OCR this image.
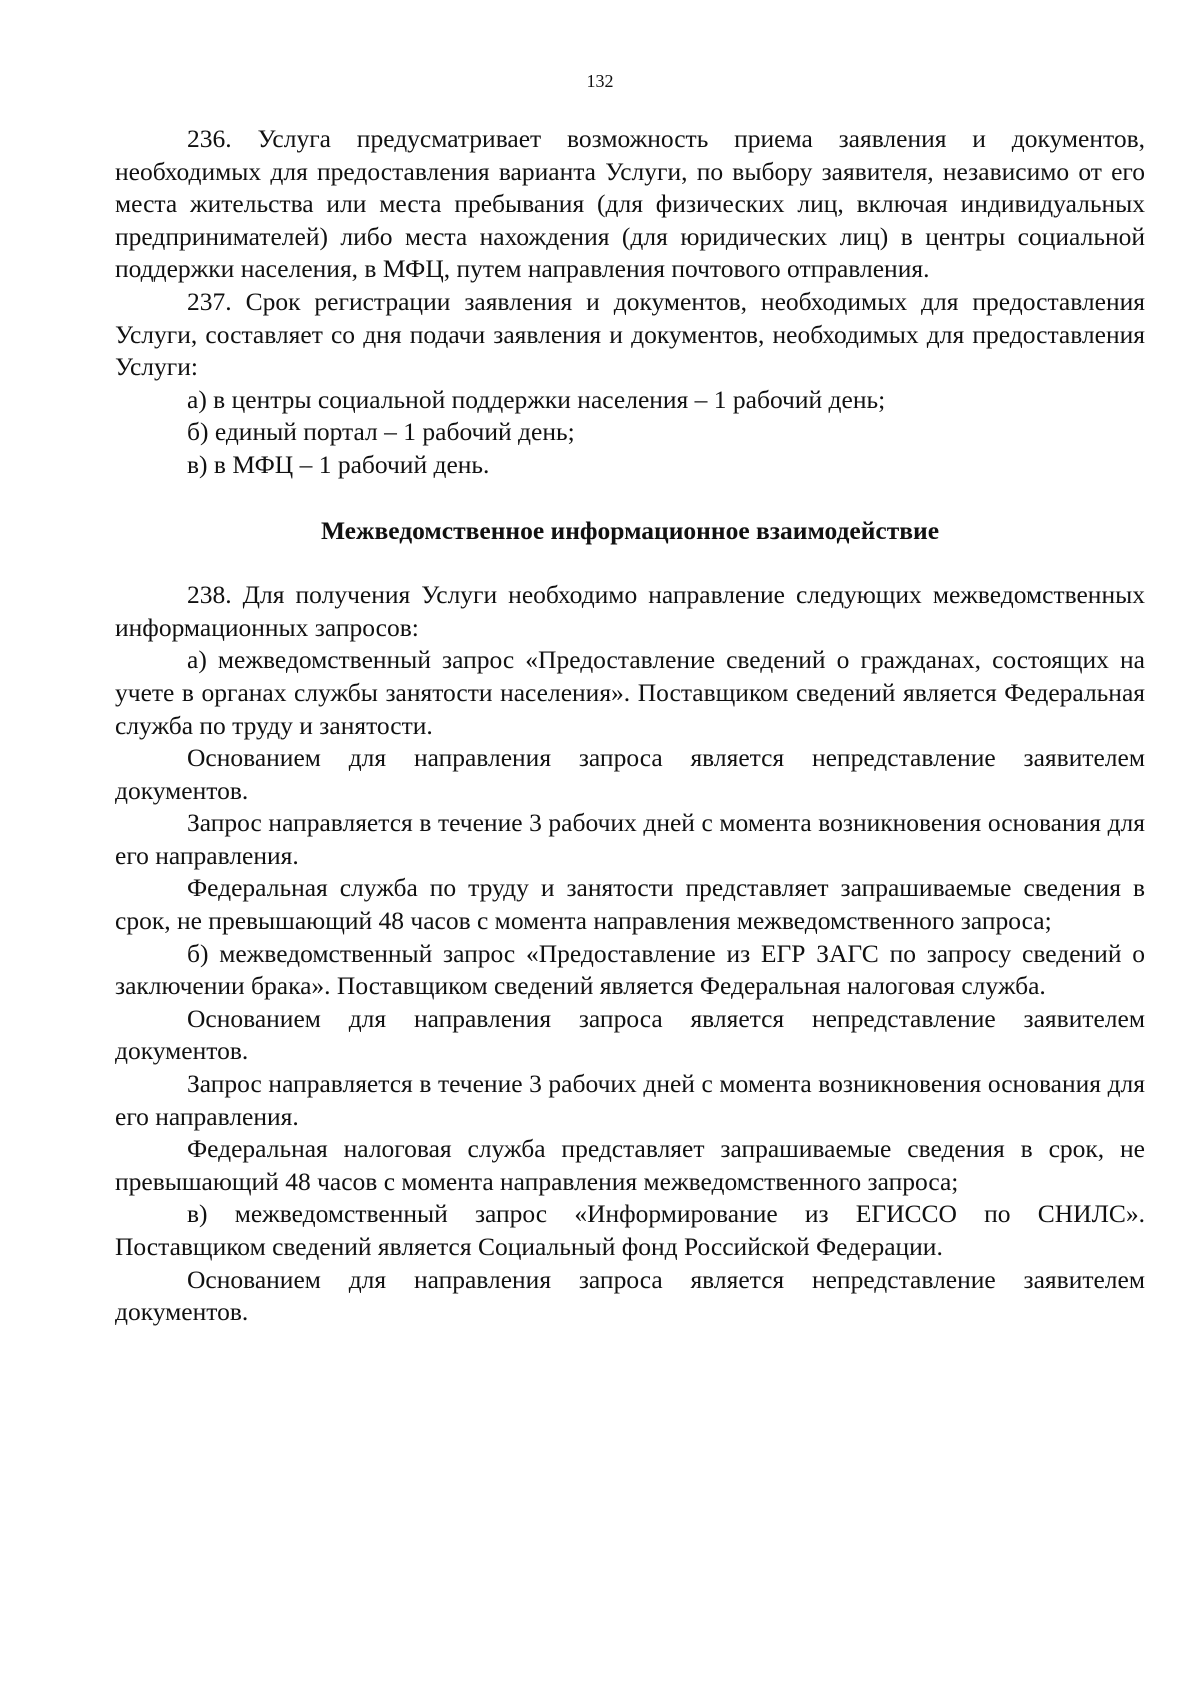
132

236. Услуга предусматривает возможность приема заявления и документов, необходимых для предоставления варианта Услуги, по выбору заявителя, независимо от его места жительства или места пребывания (для физических лиц, включая индивидуальных предпринимателей) либо места нахождения (для юридических лиц) в центры социальной поддержки населения, в МФЦ, путем направления почтового отправления.

237. Срок регистрации заявления и документов, необходимых для предоставления Услуги, составляет со дня подачи заявления и документов, необходимых для предоставления Услуги:

а) в центры социальной поддержки населения – 1 рабочий день;

б) единый портал – 1 рабочий день;

в) в МФЦ – 1 рабочий день.

Межведомственное информационное взаимодействие

238. Для получения Услуги необходимо направление следующих межведомственных информационных запросов:

а) межведомственный запрос «Предоставление сведений о гражданах, состоящих на учете в органах службы занятости населения». Поставщиком сведений является Федеральная служба по труду и занятости.

Основанием для направления запроса является непредставление заявителем документов.

Запрос направляется в течение 3 рабочих дней с момента возникновения основания для его направления.

Федеральная служба по труду и занятости представляет запрашиваемые сведения в срок, не превышающий 48 часов с момента направления межведомственного запроса;

б) межведомственный запрос «Предоставление из ЕГР ЗАГС по запросу сведений о заключении брака». Поставщиком сведений является Федеральная налоговая служба.

Основанием для направления запроса является непредставление заявителем документов.

Запрос направляется в течение 3 рабочих дней с момента возникновения основания для его направления.

Федеральная налоговая служба представляет запрашиваемые сведения в срок, не превышающий 48 часов с момента направления межведомственного запроса;

в) межведомственный запрос «Информирование из ЕГИССО по СНИЛС». Поставщиком сведений является Социальный фонд Российской Федерации.

Основанием для направления запроса является непредставление заявителем документов.
